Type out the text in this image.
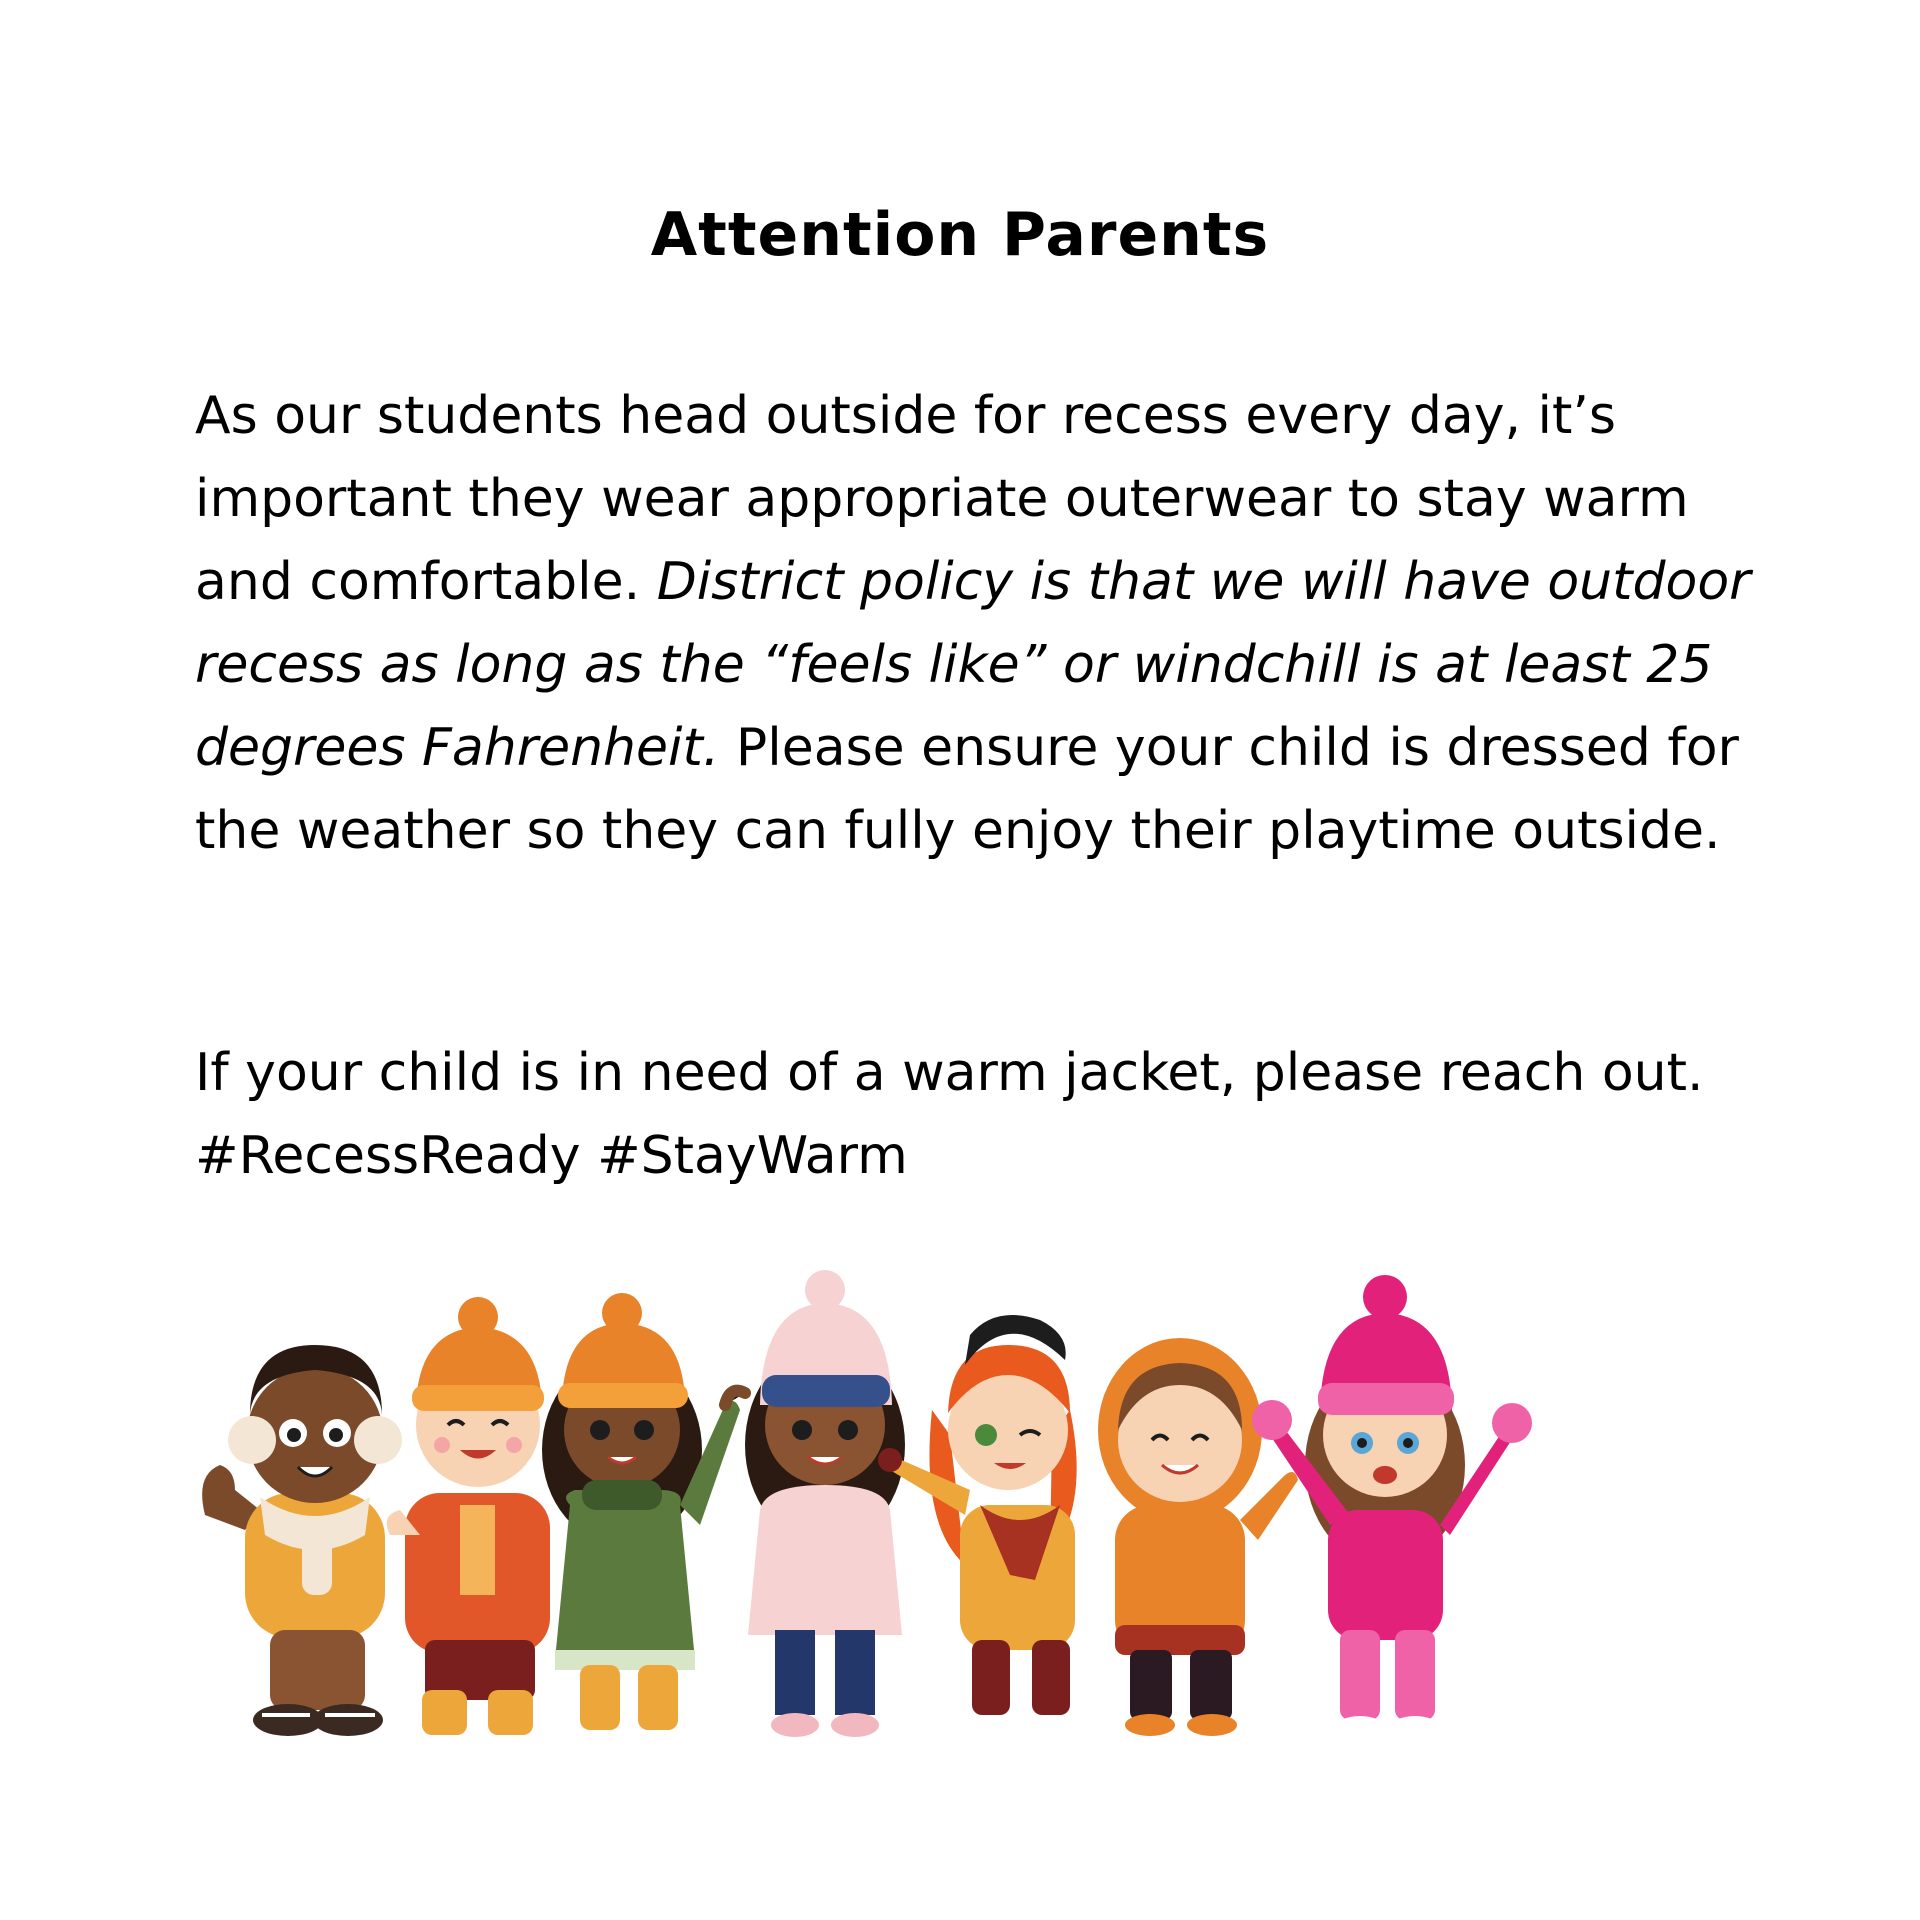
Attention Parents

As our students head outside for recess every day, it’s important they wear appropriate outerwear to stay warm and comfortable. District policy is that we will have outdoor recess as long as the “feels like” or windchill is at least 25 degrees Fahrenheit. Please ensure your child is dressed for the weather so they can fully enjoy their playtime outside.

If your child is in need of a warm jacket, please reach out. #RecessReady #StayWarm
